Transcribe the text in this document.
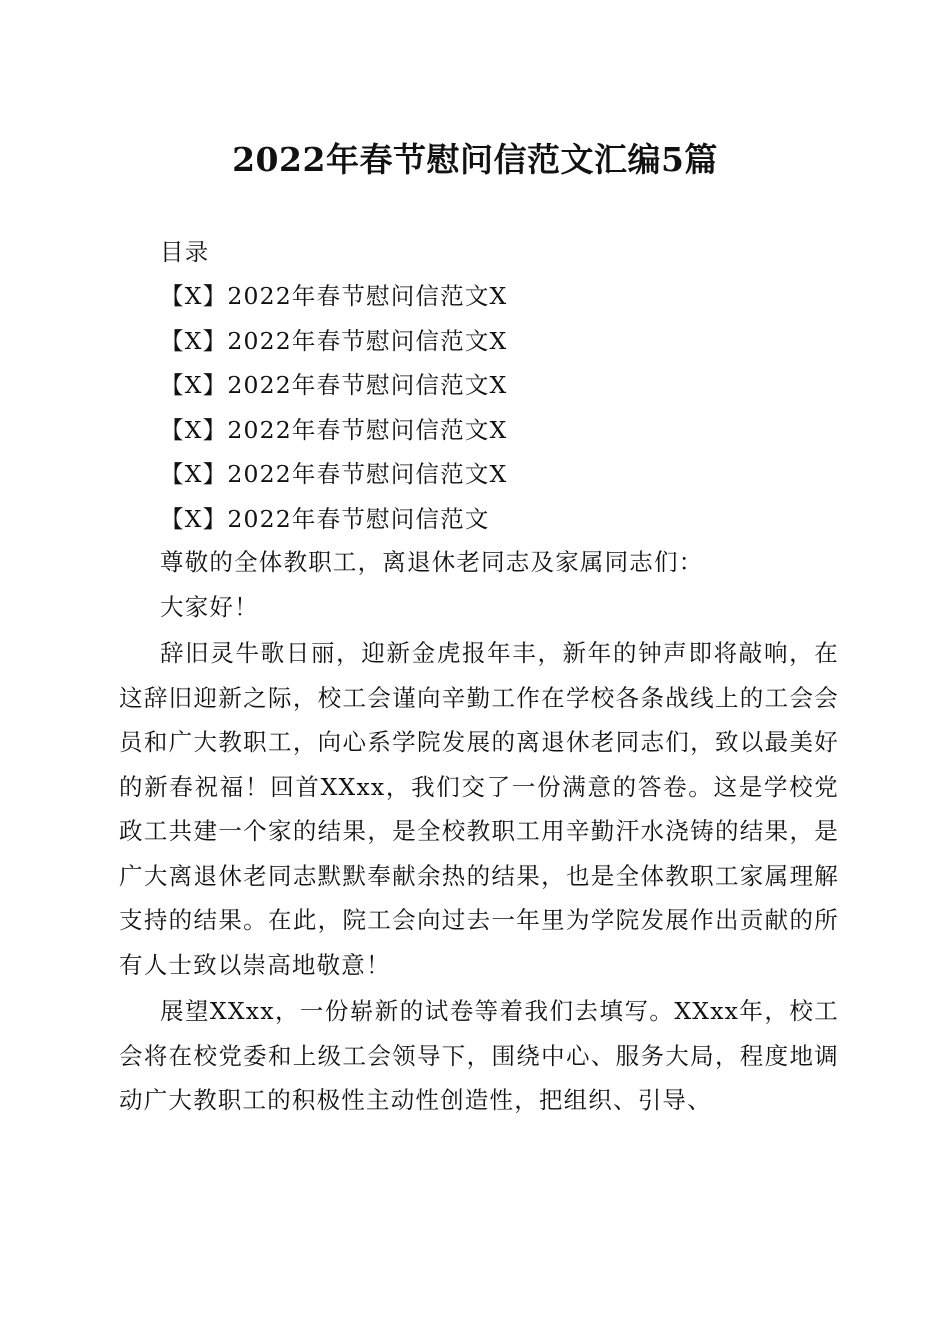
2022年春节慰问信范文汇编5篇
目录
【X】2022年春节慰问信范文X
【X】2022年春节慰问信范文X
【X】2022年春节慰问信范文X
【X】2022年春节慰问信范文X
【X】2022年春节慰问信范文X
【X】2022年春节慰问信范文
尊敬的全体教职工，离退休老同志及家属同志们：
大家好！

辞旧灵牛歌日丽，迎新金虎报年丰，新年的钟声即将敲响，在这辞旧迎新之际，校工会谨向辛勤工作在学校各条战线上的工会会员和广大教职工，向心系学院发展的离退休老同志们，致以最美好的新春祝福！回首XXxx，我们交了一份满意的答卷。这是学校党政工共建一个家的结果，是全校教职工用辛勤汗水浇铸的结果，是广大离退休老同志默默奉献余热的结果，也是全体教职工家属理解支持的结果。在此，院工会向过去一年里为学院发展作出贡献的所有人士致以崇高地敬意！

展望XXxx，一份崭新的试卷等着我们去填写。XXxx年，校工会将在校党委和上级工会领导下，围绕中心、服务大局，程度地调动广大教职工的积极性主动性创造性，把组织、引导、
